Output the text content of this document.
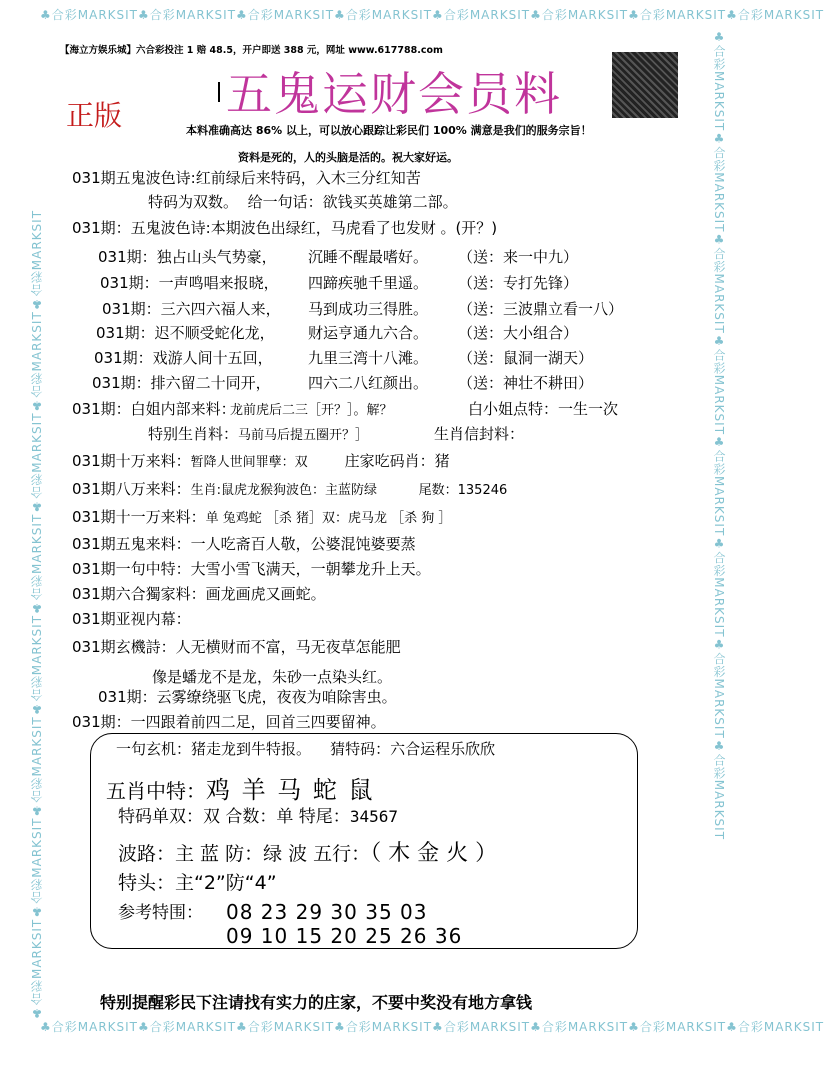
♣合彩MARKSIT♣合彩MARKSIT♣合彩MARKSIT♣合彩MARKSIT♣合彩MARKSIT♣合彩MARKSIT♣合彩MARKSIT♣合彩MARKSIT
♣合彩MARKSIT♣合彩MARKSIT♣合彩MARKSIT♣合彩MARKSIT♣合彩MARKSIT♣合彩MARKSIT♣合彩MARKSIT♣合彩MARKSIT
♣合彩MARKSIT♣合彩MARKSIT♣合彩MARKSIT♣合彩MARKSIT♣合彩MARKSIT♣合彩MARKSIT♣合彩MARKSIT♣合彩MARKSIT	♣合彩MARKSIT♣合彩MARKSIT♣合彩MARKSIT♣合彩MARKSIT♣合彩MARKSIT♣合彩MARKSIT♣合彩MARKSIT♣合彩MARKSIT
【海立方娱乐城】六合彩投注 1 赔 48.5，开户即送 388 元，网址 www.617788.com
五鬼运财会员料
正版	本料准确高达 86% 以上，可以放心跟踪让彩民们 100% 满意是我们的服务宗旨！
资料是死的，人的头脑是活的。祝大家好运。
031期五鬼波色诗:红前绿后来特码，入木三分红知苦
特码为双数。 给一句话：欲钱买英雄第二部。
031期：五鬼波色诗:本期波色出绿红，马虎看了也发财 。(开？)
031期：独占山头气势豪， 沉睡不醒最嗜好。 （送：来一中九）
031期：一声鸣唱来报晓， 四蹄疾驰千里遥。 （送：专打先锋）
031期：三六四六福人来， 马到成功三得胜。 （送：三波鼎立看一八）
031期：迟不顺受蛇化龙， 财运亨通九六合。 （送：大小组合）
031期：戏游人间十五回， 九里三湾十八滩。 （送：鼠洞一湖天）
031期：排六留二十同开， 四六二八红颜出。 （送：神壮不耕田）
031期：白姐内部来料：龙前虎后二三［开？］。解？	白小姐点特：一生一次
特别生肖料：马前马后提五圈开？］	生肖信封料：
031期十万来料：暂降人世间罪孽：双 庄家吃码肖：猪
031期八万来料：生肖:鼠虎龙猴狗波色：主蓝防绿	尾数：135246
031期十一万来料：单 兔鸡蛇 ［杀 猪］双：虎马龙 ［杀 狗 ］
031期五鬼来料：一人吃斋百人敬，公婆混饨婆要蒸
031期一句中特：大雪小雪飞满天，一朝攀龙升上天。
031期六合獨家料：画龙画虎又画蛇。
031期亚视内幕：
031期玄機詩：人无横财而不富，马无夜草怎能肥
像是蟠龙不是龙，朱砂一点染头红。
031期：云雾缭绕驱飞虎，夜夜为咱除害虫。
031期：一四跟着前四二足，回首三四要留神。
一句玄机：猪走龙到牛特报。 猜特码：六合运程乐欣欣
五肖中特：鸡 羊 马 蛇 鼠
特码单双：双 合数：单 特尾：34567
波路：主 蓝 防：绿 波 五行：（ 木 金 火 ）
特头：主“2”防“4”
参考特围： 08 23 29 30 35 03
09 10 15 20 25 26 36
特别提醒彩民下注请找有实力的庄家，不要中奖没有地方拿钱
